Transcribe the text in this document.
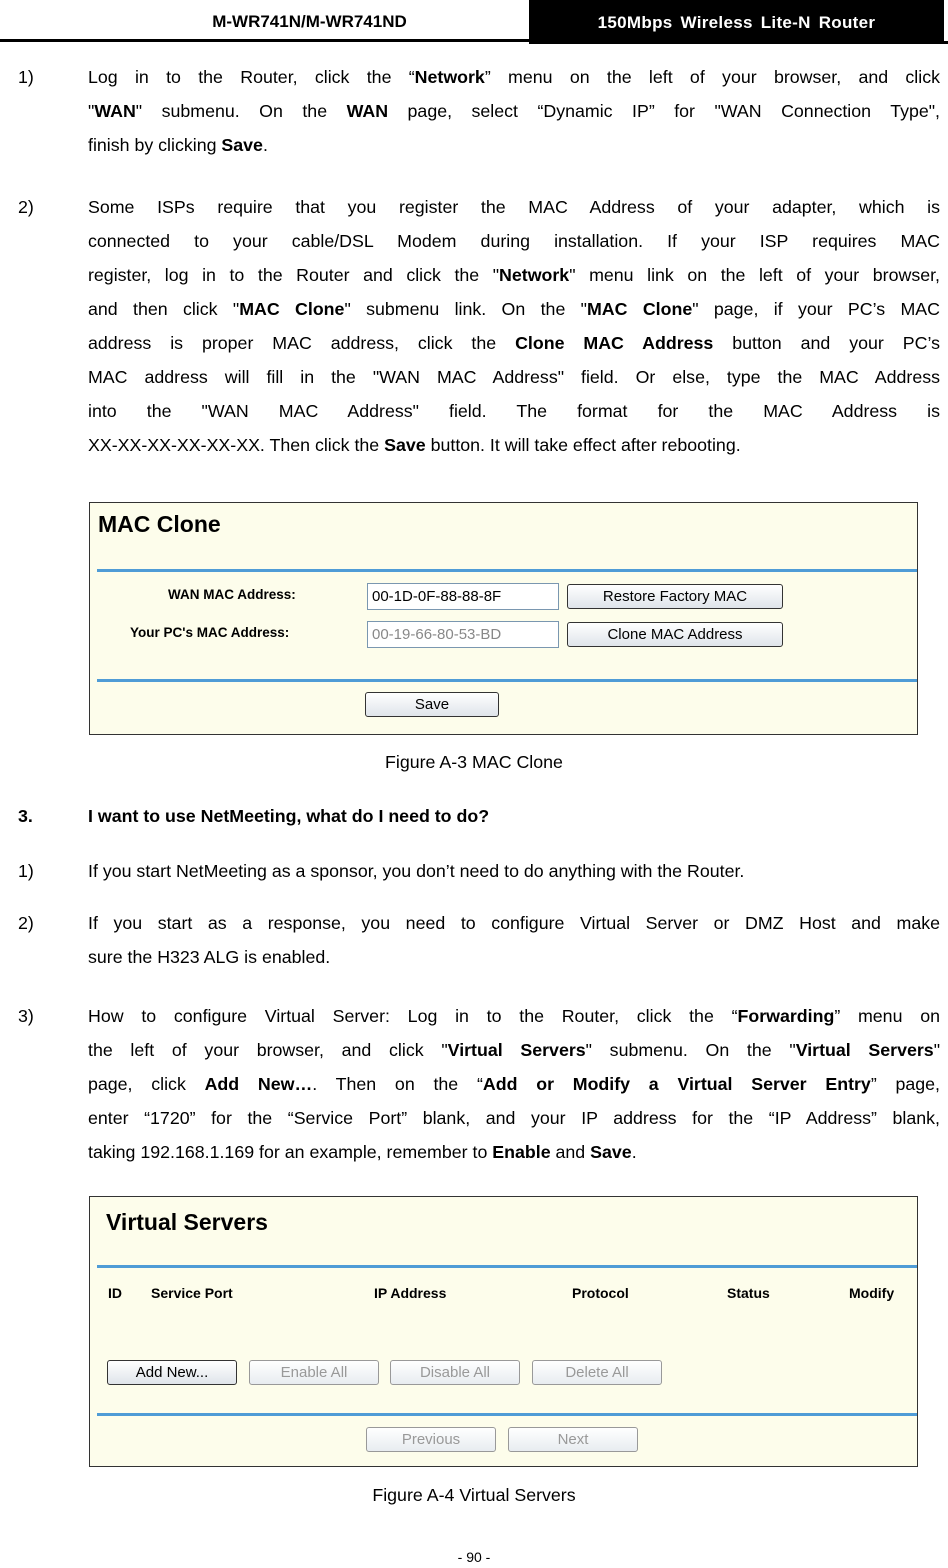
M-WR741N/M-WR741ND	150Mbps Wireless Lite-N Router
1)	Log in to the Router, click the “Network” menu on the left of your browser, and click
"WAN" submenu. On the WAN page, select “Dynamic IP” for "WAN Connection Type",
finish by clicking Save.
2)	Some ISPs require that you register the MAC Address of your adapter, which is
connected to your cable/DSL Modem during installation. If your ISP requires MAC
register, log in to the Router and click the "Network" menu link on the left of your browser,
and then click "MAC Clone" submenu link. On the "MAC Clone" page, if your PC’s MAC
address is proper MAC address, click the Clone MAC Address button and your PC’s
MAC address will fill in the "WAN MAC Address" field. Or else, type the MAC Address
into the "WAN MAC Address" field. The format for the MAC Address is
XX-XX-XX-XX-XX-XX. Then click the Save button. It will take effect after rebooting.
MAC Clone
WAN MAC Address:	00-1D-0F-88-88-8F	Restore Factory MAC
Your PC's MAC Address:	00-19-66-80-53-BD	Clone MAC Address
Save
Figure A-3 MAC Clone
3.	I want to use NetMeeting, what do I need to do?
1)	If you start NetMeeting as a sponsor, you don’t need to do anything with the Router.
2)	If you start as a response, you need to configure Virtual Server or DMZ Host and make
sure the H323 ALG is enabled.
3)	How to configure Virtual Server: Log in to the Router, click the “Forwarding” menu on
the left of your browser, and click "Virtual Servers" submenu. On the "Virtual Servers"
page, click Add New…. Then on the “Add or Modify a Virtual Server Entry” page,
enter “1720” for the “Service Port” blank, and your IP address for the “IP Address” blank,
taking 192.168.1.169 for an example, remember to Enable and Save.
Virtual Servers
ID Service Port	IP Address	Protocol	Status	Modify
Add New...	Enable All	Disable All	Delete All
Previous	Next
Figure A-4 Virtual Servers
- 90 -
